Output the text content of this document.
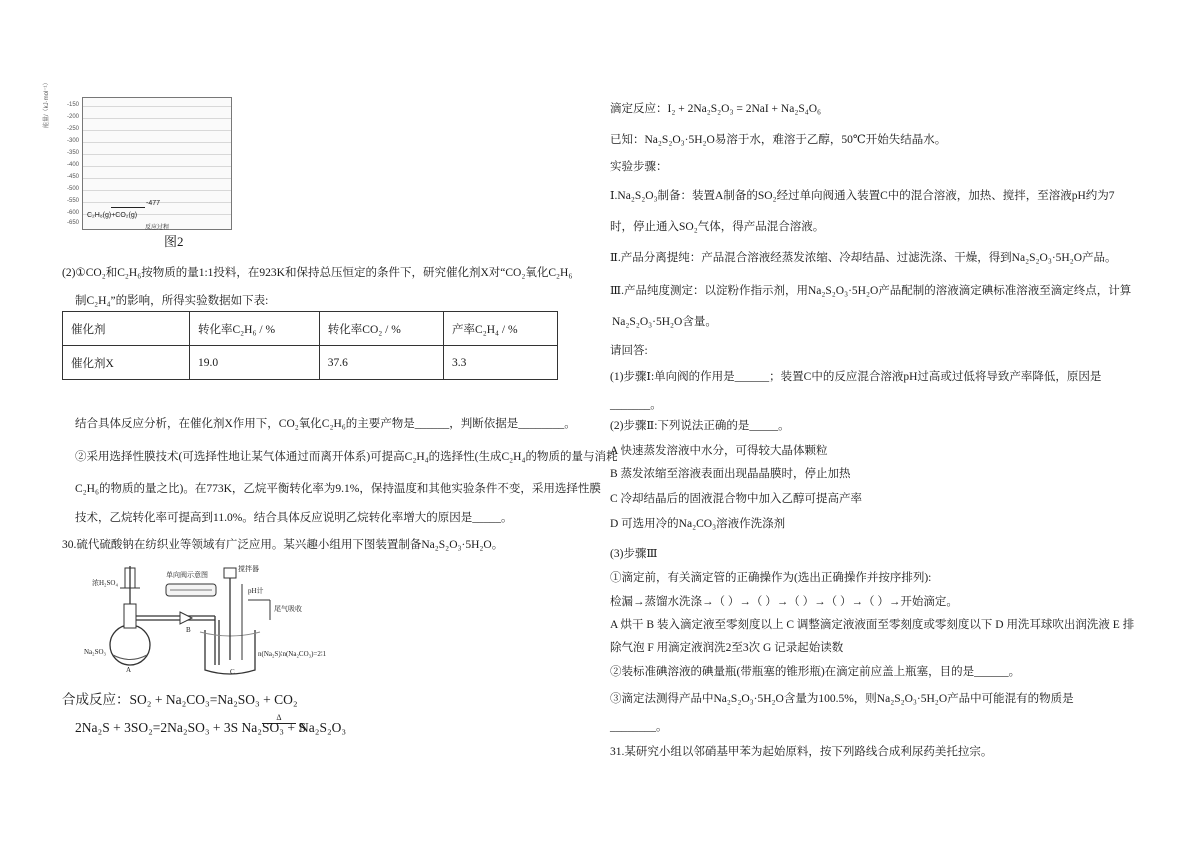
-150
-200
-250
-300
-350
-400
-450
-500
-550
-600
-650
能量/（kJ·mol⁻¹）
-477
C₂H₆(g)+CO₂(g)
反应过程
图2
(2)①CO₂和C₂H₆按物质的量1:1投料，在923K和保持总压恒定的条件下，研究催化剂X对“CO₂氧化C₂H₆
制C₂H₄”的影响，所得实验数据如下表:
催化剂	转化率C₂H₆ / %	转化率CO₂ / %	产率C₂H₄ / %
催化剂X	19.0	37.6	3.3
结合具体反应分析，在催化剂X作用下，CO₂氧化C₂H₆的主要产物是______，判断依据是________。
②采用选择性膜技术(可选择性地让某气体通过而离开体系)可提高C₂H₄的选择性(生成C₂H₄的物质的量与消耗
C₂H₆的物质的量之比)。在773K，乙烷平衡转化率为9.1%，保持温度和其他实验条件不变，采用选择性膜
技术，乙烷转化率可提高到11.0%。结合具体反应说明乙烷转化率增大的原因是_____。
30.硫代硫酸钠在纺织业等领域有广泛应用。某兴趣小组用下图装置制备Na₂S₂O₃·5H₂O。
浓H₂SO₄
单向阀示意图
搅拌器
pH计
尾气吸收
Na₂SO₃
A
B
C
n(Na₂S)∶n(Na₂CO₃)=2∶1
合成反应：SO₂ + Na₂CO₃=Na₂SO₃ + CO₂
2Na₂S + 3SO₂=2Na₂SO₃ + 3S Na₂SO₃ + S
Δ
Na₂S₂O₃
滴定反应：I₂ + 2Na₂S₂O₃ = 2NaI + Na₂S₄O₆
已知：Na₂S₂O₃·5H₂O易溶于水，难溶于乙醇，50℃开始失结晶水。
实验步骤：
Ⅰ.Na₂S₂O₃制备：装置A制备的SO₂经过单向阀通入装置C中的混合溶液，加热、搅拌，至溶液pH约为7
时，停止通入SO₂气体，得产品混合溶液。
Ⅱ.产品分离提纯：产品混合溶液经蒸发浓缩、冷却结晶、过滤洗涤、干燥，得到Na₂S₂O₃·5H₂O产品。
Ⅲ.产品纯度测定：以淀粉作指示剂，用Na₂S₂O₃·5H₂O产品配制的溶液滴定碘标准溶液至滴定终点，计算
Na₂S₂O₃·5H₂O含量。
请回答:
(1)步骤Ⅰ:单向阀的作用是______；装置C中的反应混合溶液pH过高或过低将导致产率降低，原因是
_______。
(2)步骤Ⅱ:下列说法正确的是_____。
A 快速蒸发溶液中水分，可得较大晶体颗粒
B 蒸发浓缩至溶液表面出现晶晶膜时，停止加热
C 冷却结晶后的固液混合物中加入乙醇可提高产率
D 可选用冷的Na₂CO₃溶液作洗涤剂
(3)步骤Ⅲ
①滴定前，有关滴定管的正确操作为(选出正确操作并按序排列):
检漏→蒸馏水洗涤→（ ）→（ ）→（ ）→（ ）→（ ）→开始滴定。
A 烘干 B 装入滴定液至零刻度以上 C 调整滴定液液面至零刻度或零刻度以下 D 用洗耳球吹出润洗液 E 排
除气泡 F 用滴定液润洗2至3次 G 记录起始读数
②装标准碘溶液的碘量瓶(带瓶塞的锥形瓶)在滴定前应盖上瓶塞，目的是______。
③滴定法测得产品中Na₂S₂O₃·5H₂O含量为100.5%，则Na₂S₂O₃·5H₂O产品中可能混有的物质是
________。
31.某研究小组以邻硝基甲苯为起始原料，按下列路线合成利尿药美托拉宗。
